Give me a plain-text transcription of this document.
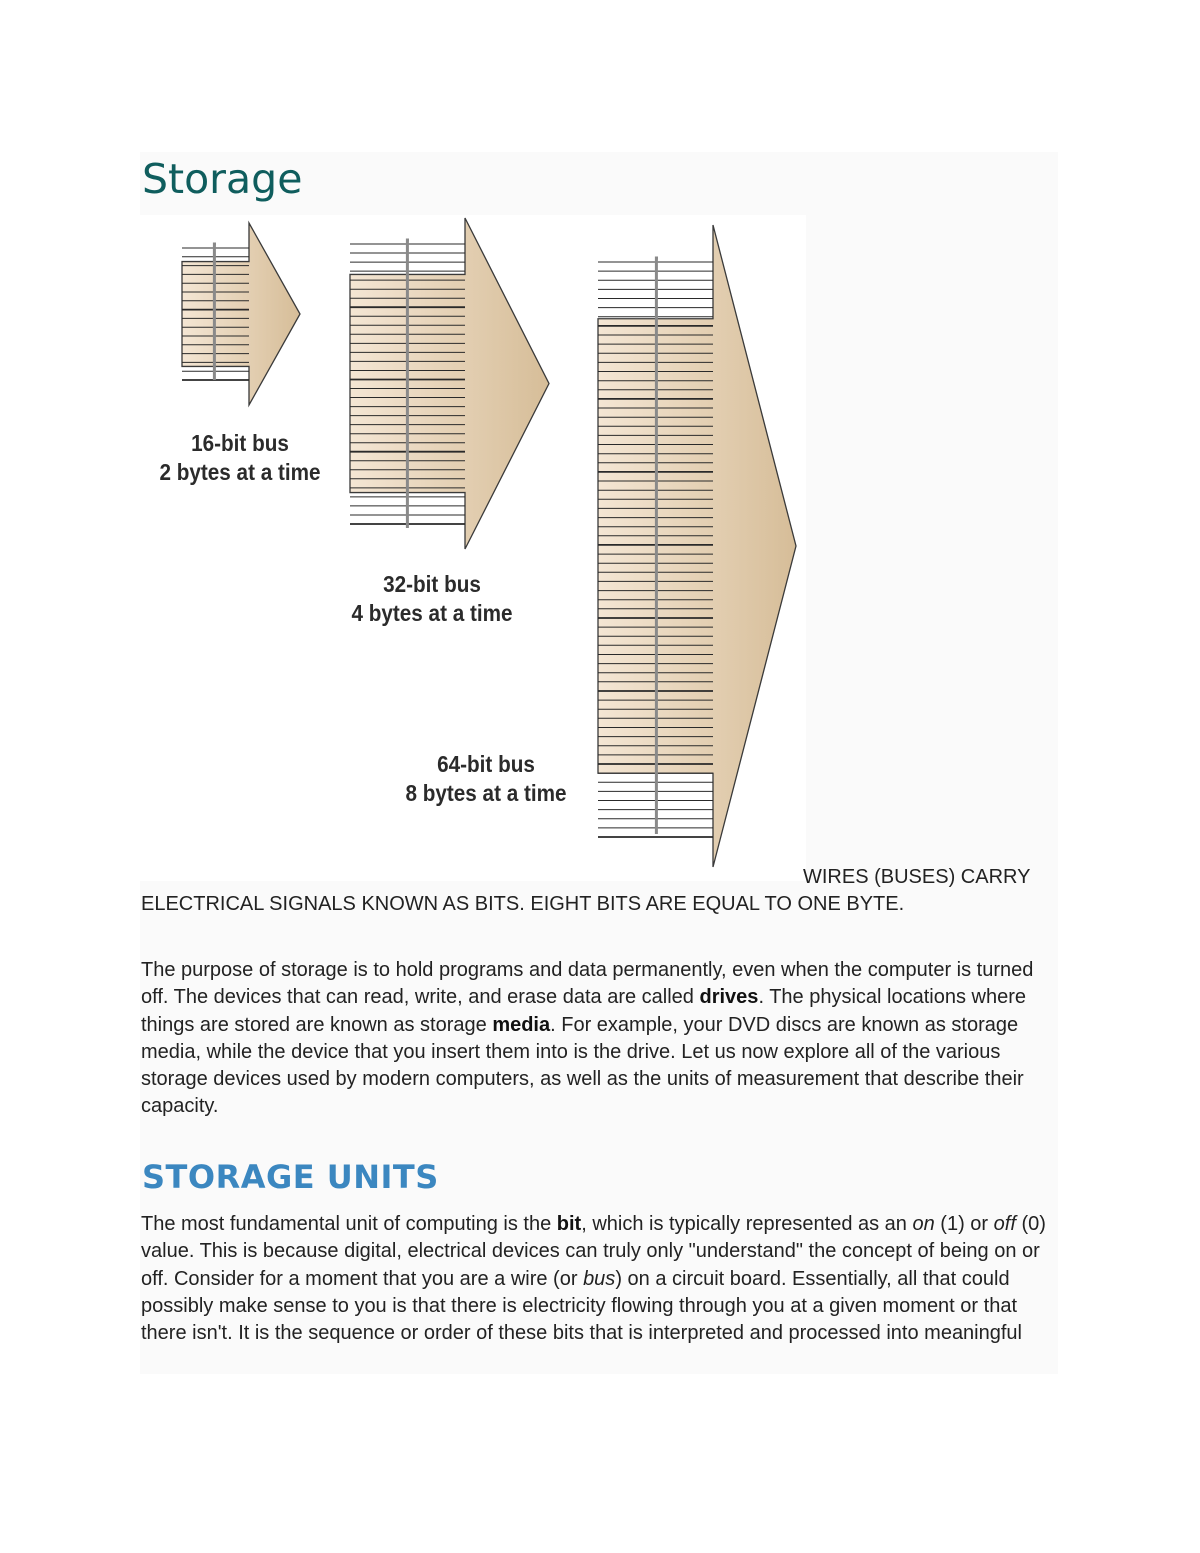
Storage
16-bit bus
2 bytes at a time
32-bit bus
4 bytes at a time
64-bit bus
8 bytes at a time

WIRES (BUSES) CARRY ELECTRICAL SIGNALS KNOWN AS BITS. EIGHT BITS ARE EQUAL TO ONE BYTE.

The purpose of storage is to hold programs and data permanently, even when the computer is turned off. The devices that can read, write, and erase data are called drives. The physical locations where things are stored are known as storage media. For example, your DVD discs are known as storage media, while the device that you insert them into is the drive. Let us now explore all of the various storage devices used by modern computers, as well as the units of measurement that describe their capacity.

STORAGE UNITS

The most fundamental unit of computing is the bit, which is typically represented as an on (1) or off (0) value. This is because digital, electrical devices can truly only "understand" the concept of being on or off. Consider for a moment that you are a wire (or bus) on a circuit board. Essentially, all that could possibly make sense to you is that there is electricity flowing through you at a given moment or that there isn't. It is the sequence or order of these bits that is interpreted and processed into meaningful
